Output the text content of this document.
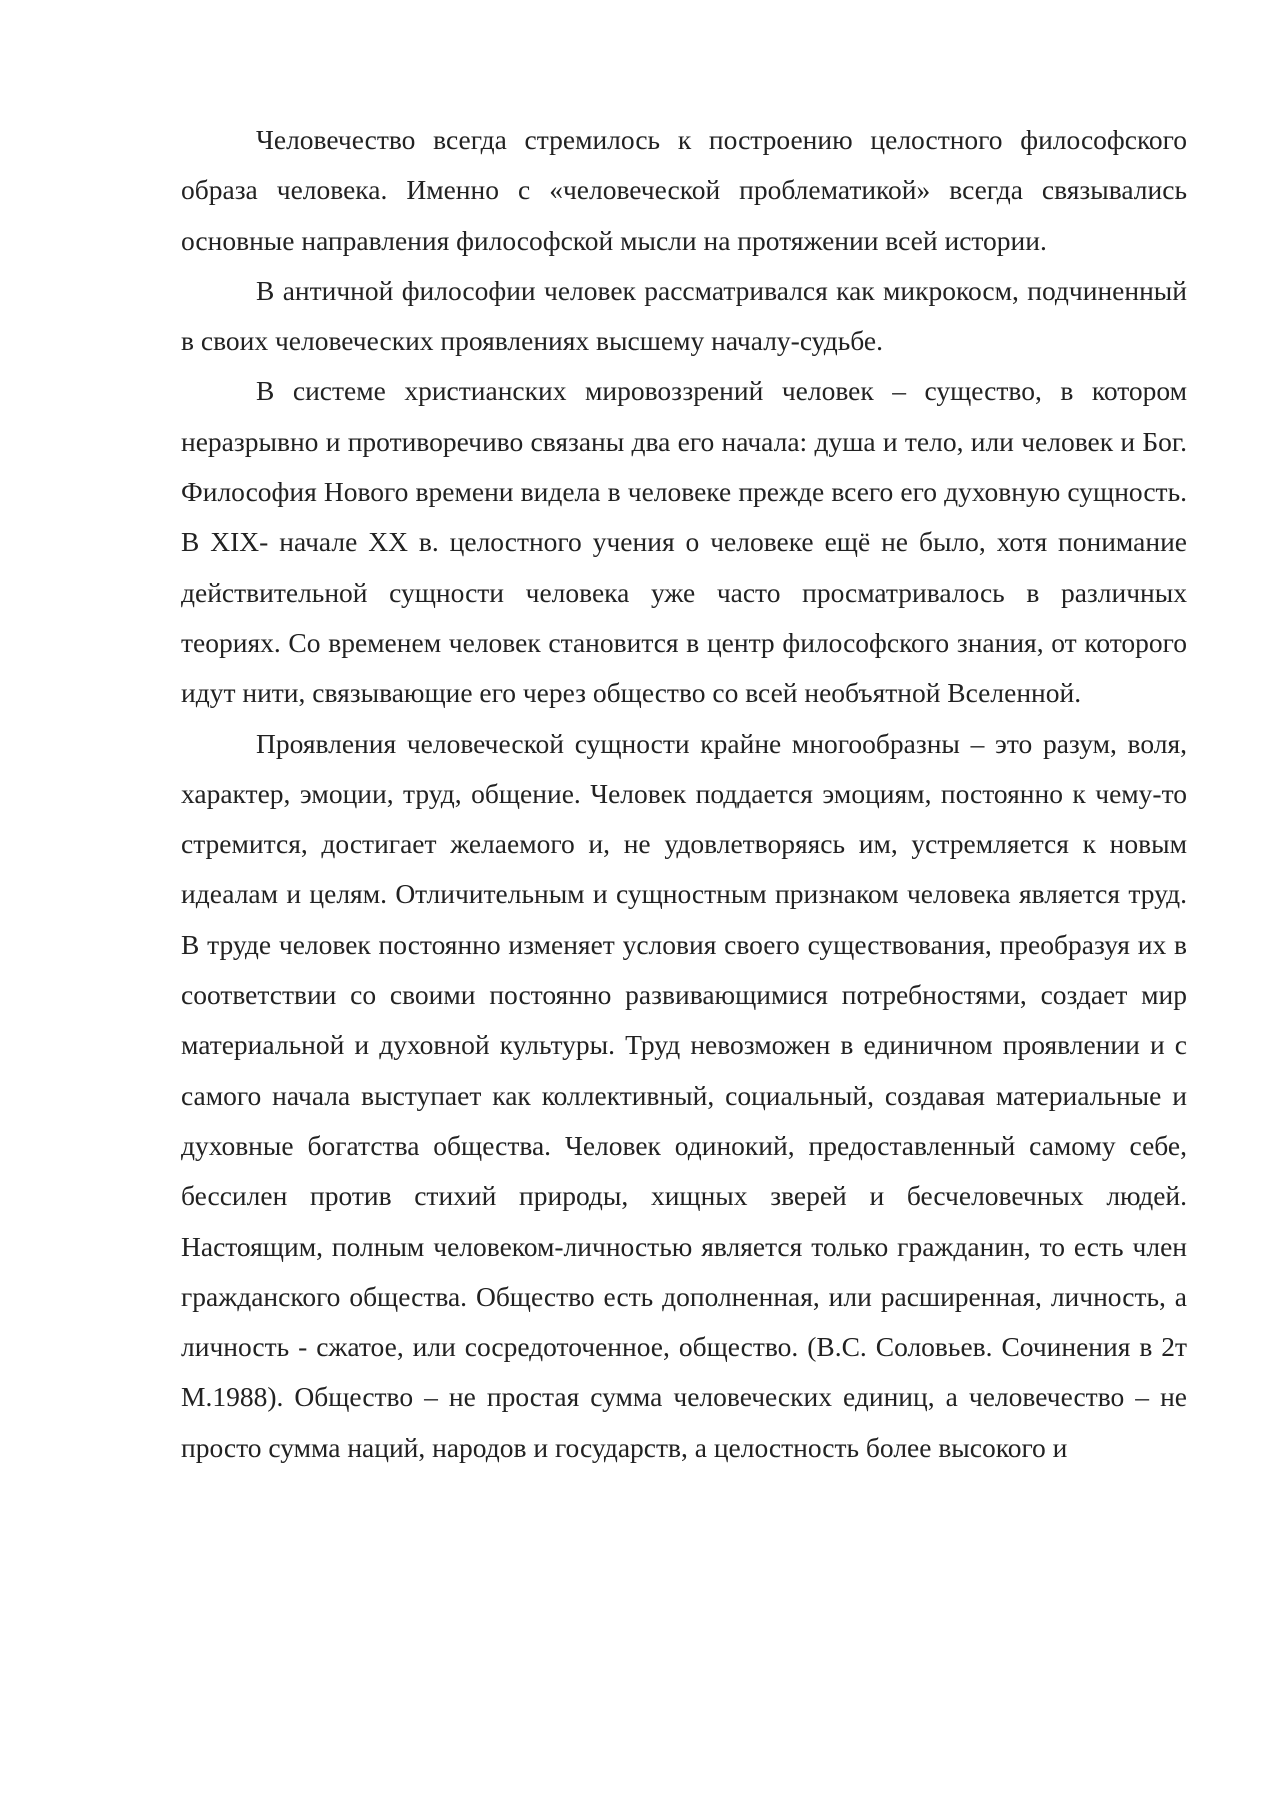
Человечество всегда стремилось к построению целостного философского образа человека. Именно с «человеческой проблематикой» всегда связывались основные направления философской мысли на протяжении всей истории.

В античной философии человек рассматривался как микрокосм, подчиненный в своих человеческих проявлениях высшему началу-судьбе.

В системе христианских мировоззрений человек – существо, в котором неразрывно и противоречиво связаны два его начала: душа и тело, или человек и Бог. Философия Нового времени видела в человеке прежде всего его духовную сущность. В XIX- начале XX в. целостного учения о человеке ещё не было, хотя понимание действительной сущности человека уже часто просматривалось в различных теориях. Со временем человек становится в центр философского знания, от которого идут нити, связывающие его через общество со всей необъятной Вселенной.

Проявления человеческой сущности крайне многообразны – это разум, воля, характер, эмоции, труд, общение. Человек поддается эмоциям, постоянно к чему-то стремится, достигает желаемого и, не удовлетворяясь им, устремляется к новым идеалам и целям. Отличительным и сущностным признаком человека является труд. В труде человек постоянно изменяет условия своего существования, преобразуя их в соответствии со своими постоянно развивающимися потребностями, создает мир материальной и духовной культуры. Труд невозможен в единичном проявлении и с самого начала выступает как коллективный, социальный, создавая материальные и духовные богатства общества. Человек одинокий, предоставленный самому себе, бессилен против стихий природы, хищных зверей и бесчеловечных людей. Настоящим, полным человеком-личностью является только гражданин, то есть член гражданского общества. Общество есть дополненная, или расширенная, личность, а личность - сжатое, или сосредоточенное, общество. (В.С. Соловьев. Сочинения в 2т М.1988). Общество – не простая сумма человеческих единиц, а человечество – не просто сумма наций, народов и государств, а целостность более высокого и
